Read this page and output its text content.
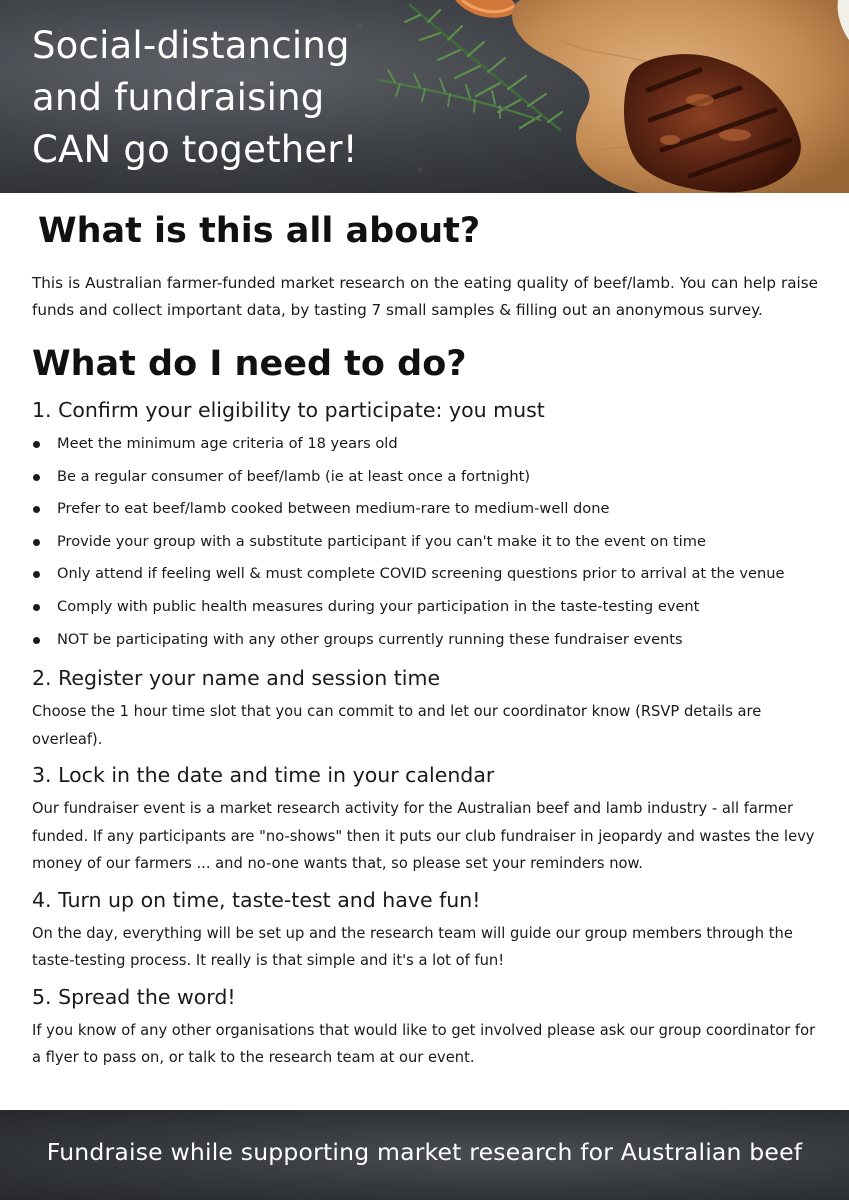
Social-distancing
and fundraising
CAN go together!
What is this all about?

This is Australian farmer-funded market research on the eating quality of beef/lamb. You can help raise funds and collect important data, by tasting 7 small samples & filling out an anonymous survey.

What do I need to do?
1. Confirm your eligibility to participate: you must
Meet the minimum age criteria of 18 years old
Be a regular consumer of beef/lamb (ie at least once a fortnight)
Prefer to eat beef/lamb cooked between medium-rare to medium-well done
Provide your group with a substitute participant if you can't make it to the event on time
Only attend if feeling well & must complete COVID screening questions prior to arrival at the venue
Comply with public health measures during your participation in the taste-testing event
NOT be participating with any other groups currently running these fundraiser events
2. Register your name and session time

Choose the 1 hour time slot that you can commit to and let our coordinator know (RSVP details are overleaf).

3. Lock in the date and time in your calendar

Our fundraiser event is a market research activity for the Australian beef and lamb industry - all farmer funded. If any participants are "no-shows" then it puts our club fundraiser in jeopardy and wastes the levy money of our farmers ... and no-one wants that, so please set your reminders now.

4. Turn up on time, taste-test and have fun!

On the day, everything will be set up and the research team will guide our group members through the taste-testing process. It really is that simple and it's a lot of fun!

5. Spread the word!

If you know of any other organisations that would like to get involved please ask our group coordinator for a flyer to pass on, or talk to the research team at our event.

Fundraise while supporting market research for Australian beef
